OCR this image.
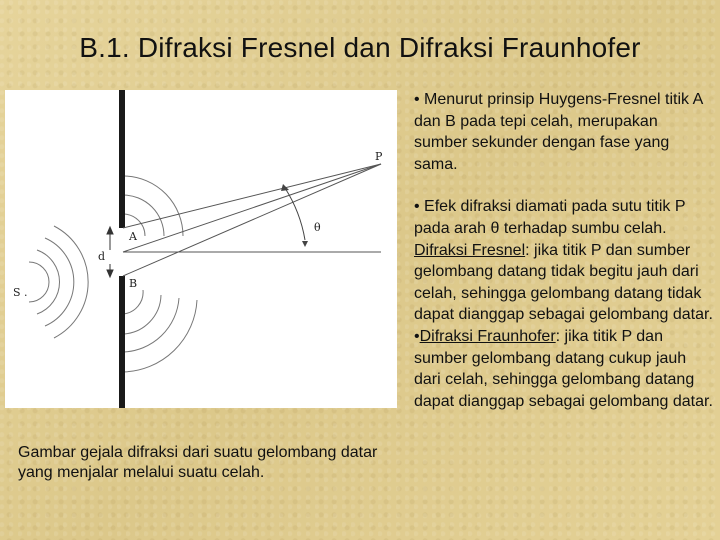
B.1. Difraksi Fresnel dan Difraksi Fraunhofer
P
A
B
d
S .
θ
Gambar gejala difraksi dari suatu gelombang datar yang menjalar melalui suatu celah.

• Menurut prinsip Huygens-Fresnel titik A dan B pada tepi celah, merupakan sumber sekunder dengan fase yang sama.

• Efek difraksi diamati pada sutu titik P pada arah θ terhadap sumbu celah.

Difraksi Fresnel: jika titik P dan sumber gelombang datang tidak begitu jauh dari celah, sehingga gelombang datang tidak dapat dianggap sebagai gelombang datar.

•Difraksi Fraunhofer: jika titik P dan sumber gelombang datang cukup jauh dari celah, sehingga gelombang datang dapat dianggap sebagai gelombang datar.
